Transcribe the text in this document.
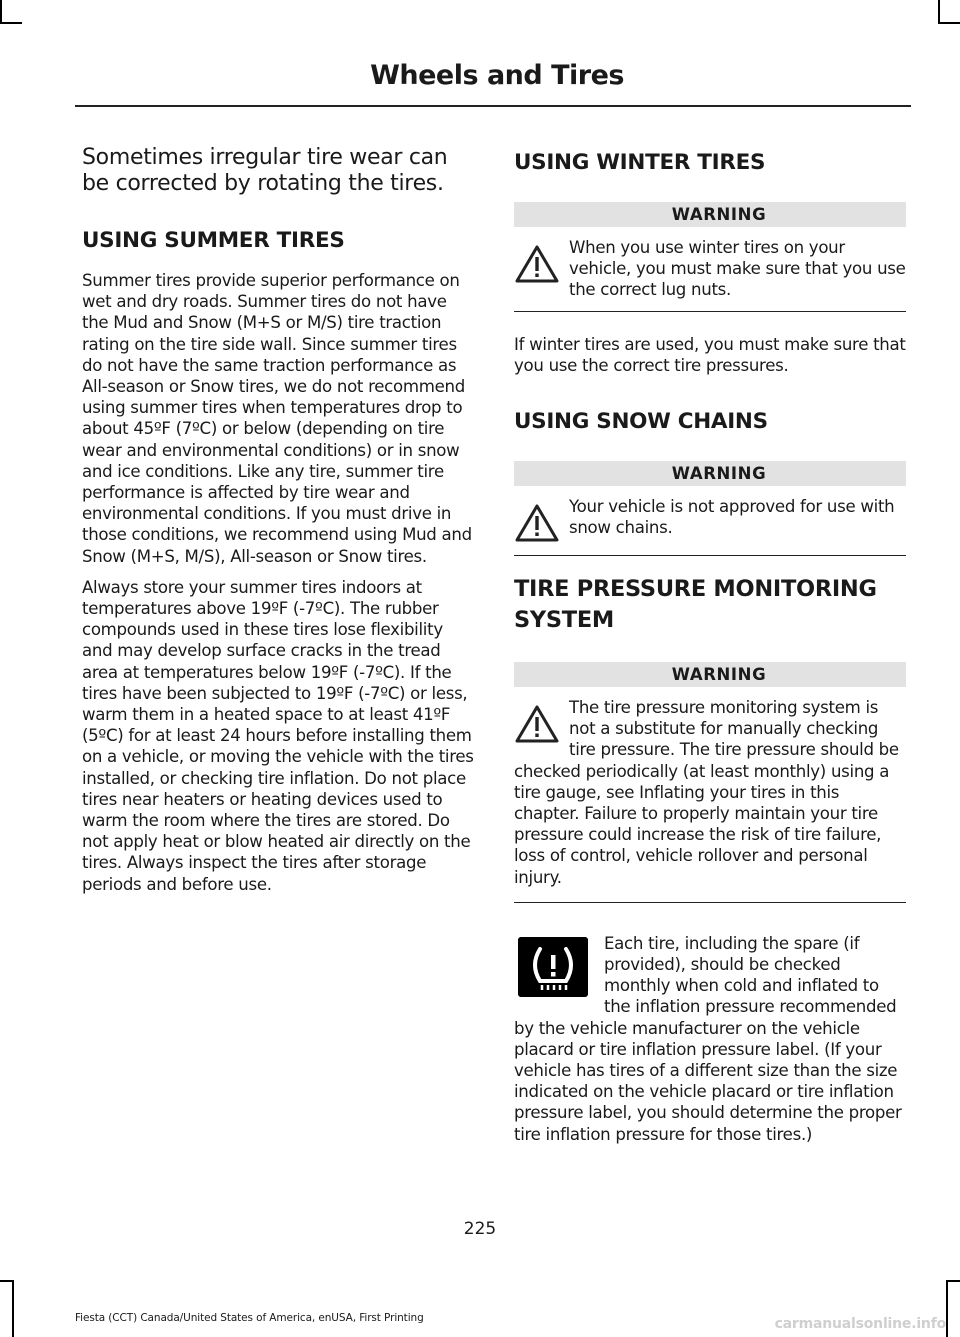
Wheels and Tires

Sometimes irregular tire wear can be corrected by rotating the tires.

USING SUMMER TIRES

Summer tires provide superior performance on wet and dry roads. Summer tires do not have the Mud and Snow (M+S or M/S) tire traction rating on the tire side wall. Since summer tires do not have the same traction performance as All-season or Snow tires, we do not recommend using summer tires when temperatures drop to about 45ºF (7ºC) or below (depending on tire wear and environmental conditions) or in snow and ice conditions. Like any tire, summer tire performance is affected by tire wear and environmental conditions. If you must drive in those conditions, we recommend using Mud and Snow (M+S, M/S), All-season or Snow tires.

Always store your summer tires indoors at temperatures above 19ºF (-7ºC). The rubber compounds used in these tires lose flexibility and may develop surface cracks in the tread area at temperatures below 19ºF (-7ºC). If the tires have been subjected to 19ºF (-7ºC) or less, warm them in a heated space to at least 41ºF (5ºC) for at least 24 hours before installing them on a vehicle, or moving the vehicle with the tires installed, or checking tire inflation. Do not place tires near heaters or heating devices used to warm the room where the tires are stored. Do not apply heat or blow heated air directly on the tires. Always inspect the tires after storage periods and before use.

USING WINTER TIRES
WARNING
When you use winter tires on your vehicle, you must make sure that you use the correct lug nuts.

If winter tires are used, you must make sure that you use the correct tire pressures.

USING SNOW CHAINS
WARNING
Your vehicle is not approved for use with snow chains.
TIRE PRESSURE MONITORING SYSTEM
WARNING
The tire pressure monitoring system is not a substitute for manually checking tire pressure. The tire pressure should be checked periodically (at least monthly) using a tire gauge, see Inflating your tires in this chapter. Failure to properly maintain your tire pressure could increase the risk of tire failure, loss of control, vehicle rollover and personal injury.
Each tire, including the spare (if provided), should be checked monthly when cold and inflated to the inflation pressure recommended by the vehicle manufacturer on the vehicle placard or tire inflation pressure label. (If your vehicle has tires of a different size than the size indicated on the vehicle placard or tire inflation pressure label, you should determine the proper tire inflation pressure for those tires.)
225
Fiesta (CCT) Canada/United States of America, enUSA, First Printing	carmanualsonline.info
